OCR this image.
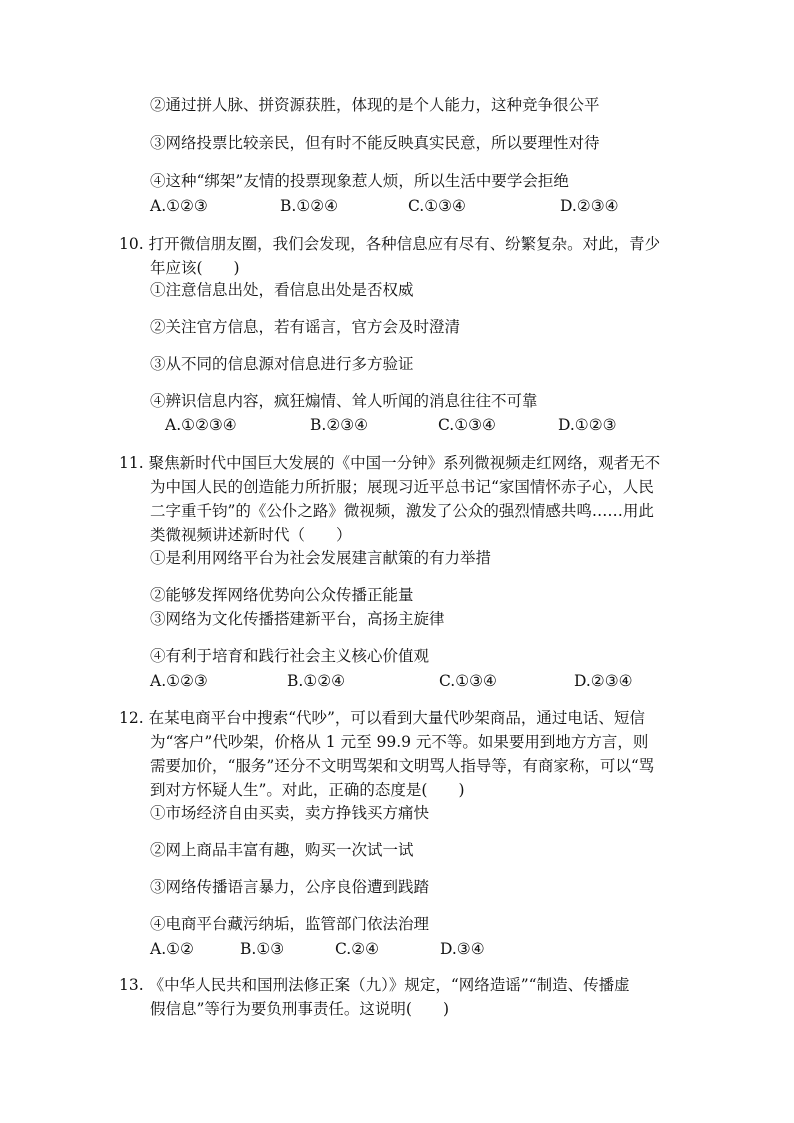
②通过拼人脉、拼资源获胜，体现的是个人能力，这种竞争很公平
③网络投票比较亲民，但有时不能反映真实民意，所以要理性对待
④这种“绑架”友情的投票现象惹人烦，所以生活中要学会拒绝
A.①②③	B.①②④	C.①③④	D.②③④
10. 打开微信朋友圈，我们会发现，各种信息应有尽有、纷繁复杂。对此，青少
年应该(　　)
①注意信息出处，看信息出处是否权威
②关注官方信息，若有谣言，官方会及时澄清
③从不同的信息源对信息进行多方验证
④辨识信息内容，疯狂煽情、耸人听闻的消息往往不可靠
A.①②③④	B.②③④	C.①③④	D.①②③
11. 聚焦新时代中国巨大发展的《中国一分钟》系列微视频走红网络，观者无不
为中国人民的创造能力所折服；展现习近平总书记“家国情怀赤子心，人民
二字重千钧”的《公仆之路》微视频，激发了公众的强烈情感共鸣……用此
类微视频讲述新时代（　　）
①是利用网络平台为社会发展建言献策的有力举措
②能够发挥网络优势向公众传播正能量
③网络为文化传播搭建新平台，高扬主旋律
④有利于培育和践行社会主义核心价值观
A.①②③	B.①②④	C.①③④	D.②③④
12. 在某电商平台中搜索“代吵”，可以看到大量代吵架商品，通过电话、短信
为“客户”代吵架，价格从 1 元至 99.9 元不等。如果要用到地方方言，则
需要加价，“服务”还分不文明骂架和文明骂人指导等，有商家称，可以“骂
到对方怀疑人生”。对此，正确的态度是(　　)
①市场经济自由买卖，卖方挣钱买方痛快
②网上商品丰富有趣，购买一次试一试
③网络传播语言暴力，公序良俗遭到践踏
④电商平台藏污纳垢，监管部门依法治理
A.①②	B.①③	C.②④	D.③④
13. 《中华人民共和国刑法修正案（九）》规定，“网络造谣”“制造、传播虚
假信息”等行为要负刑事责任。这说明(　　)
